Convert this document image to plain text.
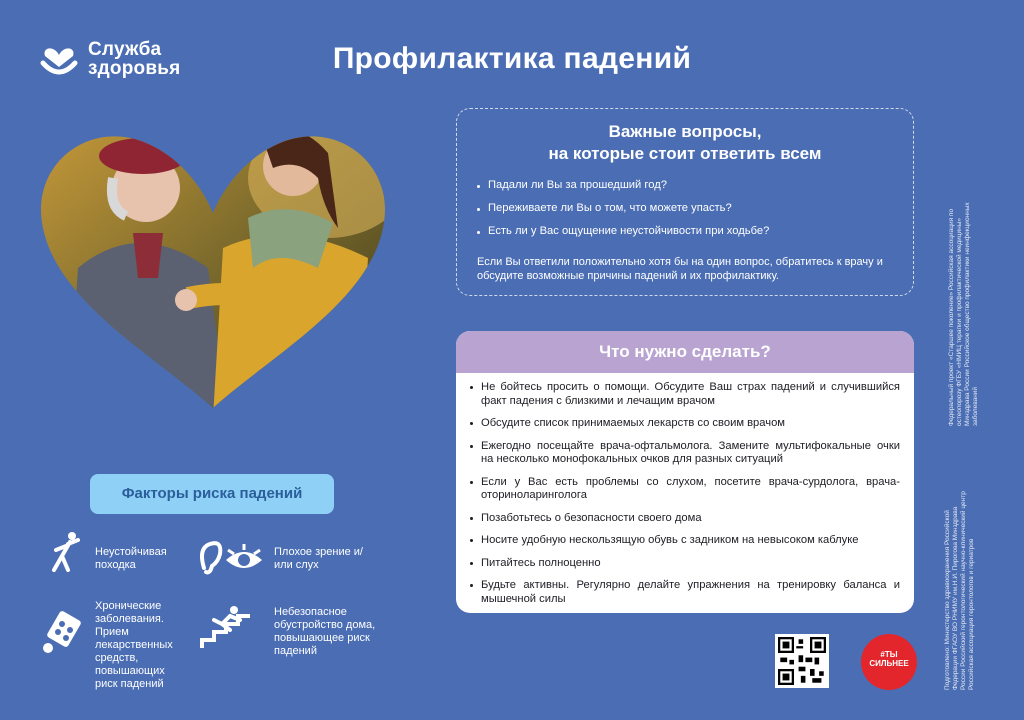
Служба
здоровья	Профилактика падений
Важные вопросы,
на которые стоит ответить всем
Падали ли Вы за прошедший год?
Переживаете ли Вы о том, что можете упасть?
Есть ли у Вас ощущение неустойчивости при ходьбе?
Если Вы ответили положительно хотя бы на один вопрос, обратитесь к врачу и обсудите возможные причины падений и их профилактику.
Что нужно сделать?
Не бойтесь просить о помощи. Обсудите Ваш страх падений и случившийся факт падения с близкими и лечащим врачом
Обсудите список принимаемых лекарств со своим врачом
Ежегодно посещайте врача-офтальмолога. Замените мультифокальные очки на несколько монофокальных очков для разных ситуаций
Если у Вас есть проблемы со слухом, посетите врача-сурдолога, врача-оториноларинголога
Позаботьтесь о безопасности своего дома
Носите удобную нескользящую обувь с задником на невысоком каблуке
Питайтесь полноценно
Будьте активны. Регулярно делайте упражнения на тренировку баланса и мышечной силы
Факторы риска падений
Неустойчивая походка
Плохое зрение и/или слух
Хронические заболевания. Прием лекарственных средств, повышающих риск падений
Небезопасное обустройство дома, повышающее риск падений
Федеральный проект «Старшее поколение» Российская ассоциация по остеопорозу ФГБУ «НМИЦ терапии и профилактической медицины» Минздрава России Российское общество профилактики неинфекционных заболеваний
Подготовлено: Министерство здравоохранения Российской Федерации ФГАОУ ВО РНИМУ им.Н.И. Пирогова Минздрава России Российский геронтологический научно-клинический центр Российская ассоциация геронтологов и гериатров
#ТЫ СИЛЬНЕЕ
